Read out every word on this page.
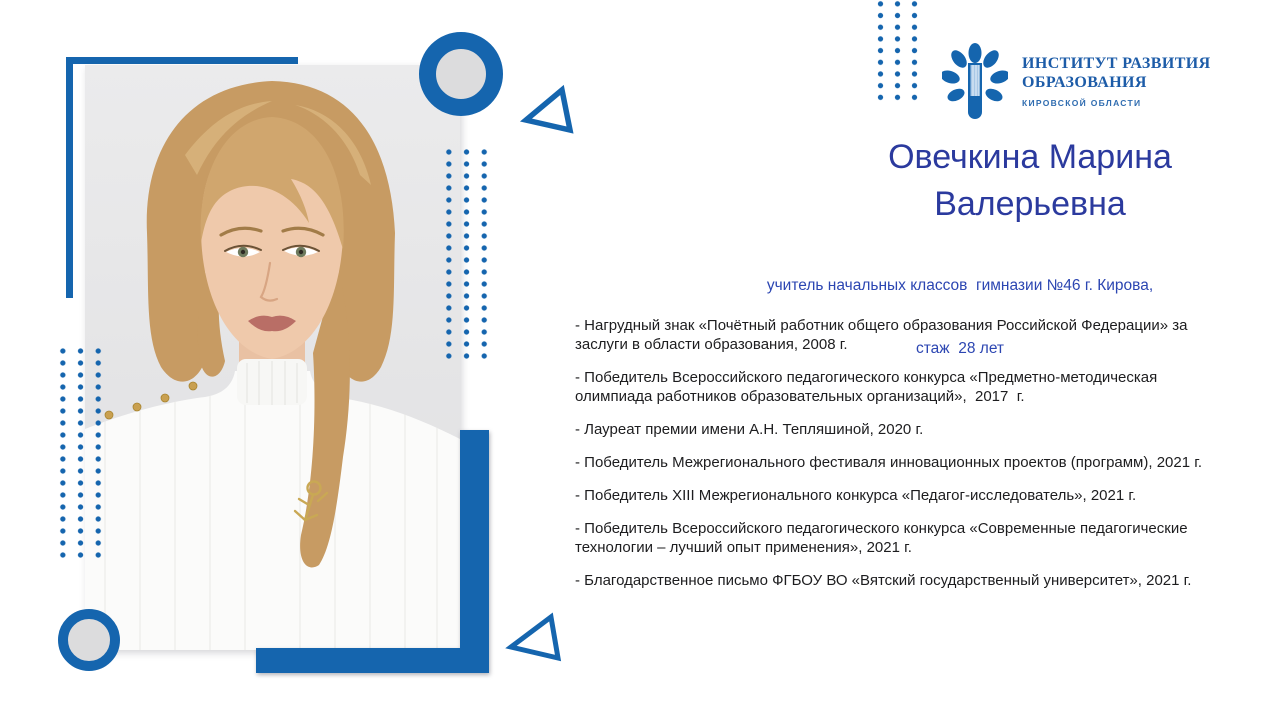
ИНСТИТУТ РАЗВИТИЯ
ОБРАЗОВАНИЯ
КИРОВСКОЙ ОБЛАСТИ
Овечкина Марина
Валерьевна

учитель начальных классов  гимназии №46 г. Кирова,

стаж  28 лет

- Нагрудный знак «Почётный работник общего образования Российской Федерации» за
заслуги в области образования, 2008 г.
- Победитель Всероссийского педагогического конкурса «Предметно-методическая
олимпиада работников образовательных организаций»,  2017  г.
- Лауреат премии имени А.Н. Тепляшиной, 2020 г.
- Победитель Межрегионального фестиваля инновационных проектов (программ), 2021 г.
- Победитель XIII Межрегионального конкурса «Педагог-исследователь», 2021 г.
- Победитель Всероссийского педагогического конкурса «Современные педагогические
технологии – лучший опыт применения», 2021 г.
- Благодарственное письмо ФГБОУ ВО «Вятский государственный университет», 2021 г.
